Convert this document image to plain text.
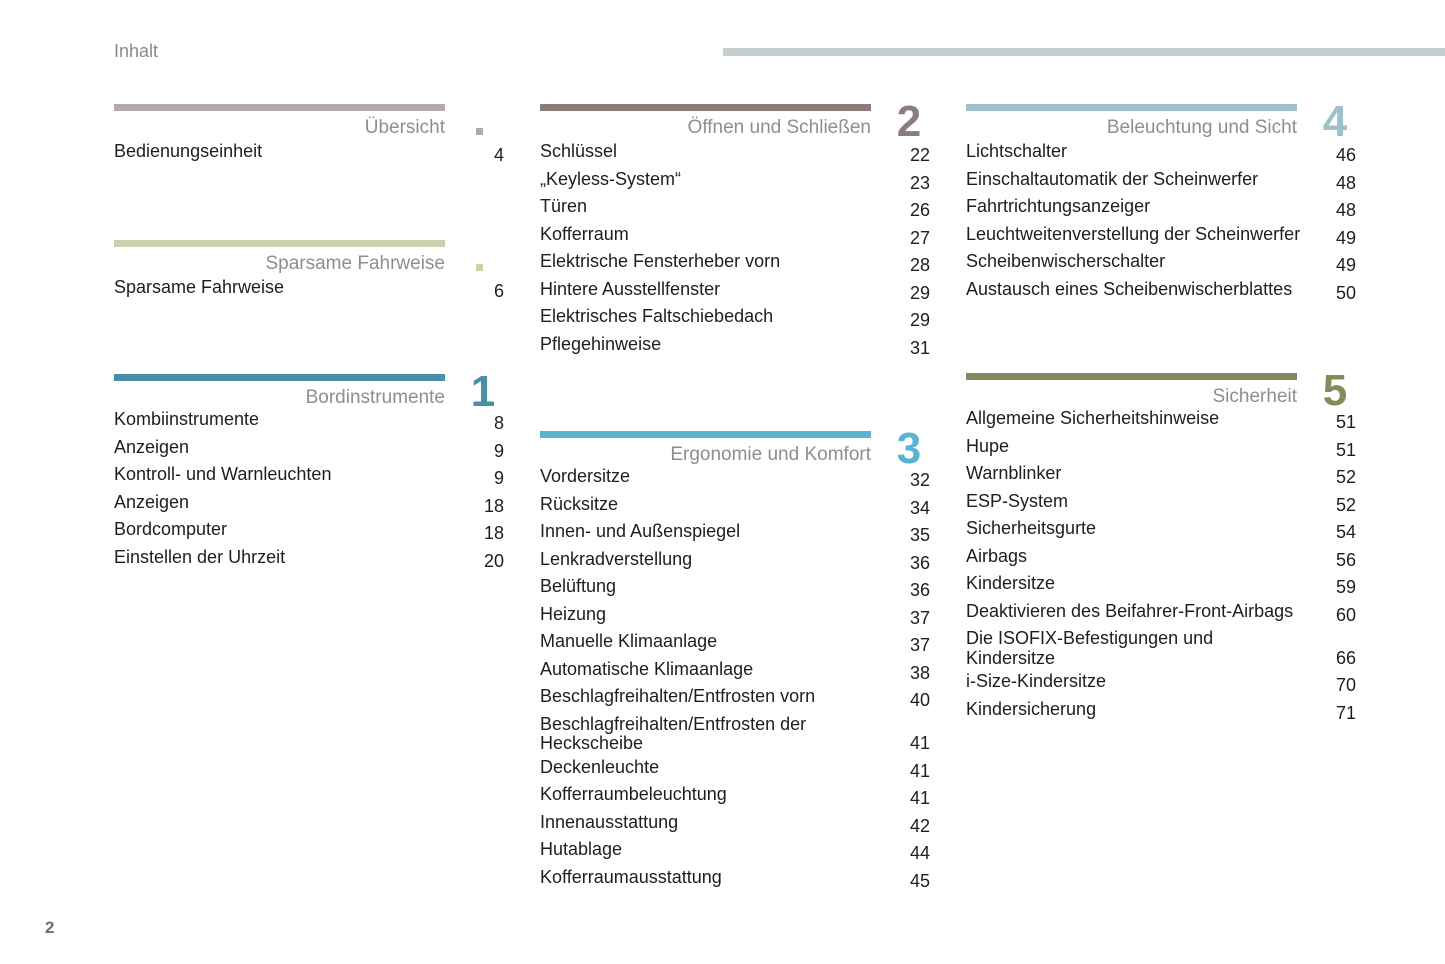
Inhalt
Übersicht
Bedienungseinheit	4
Sparsame Fahrweise
Sparsame Fahrweise	6
Bordinstrumente 1
Kombiinstrumente	8
Anzeigen	9
Kontroll- und Warnleuchten	9
Anzeigen	18
Bordcomputer	18
Einstellen der Uhrzeit	20
Öffnen und Schließen 2
Schlüssel	22
„Keyless-System“	23
Türen	26
Kofferraum	27
Elektrische Fensterheber vorn	28
Hintere Ausstellfenster	29
Elektrisches Faltschiebedach	29
Pflegehinweise	31
Ergonomie und Komfort 3
Vordersitze	32
Rücksitze	34
Innen- und Außenspiegel	35
Lenkradverstellung	36
Belüftung	36
Heizung	37
Manuelle Klimaanlage	37
Automatische Klimaanlage	38
Beschlagfreihalten/Entfrosten vorn	40
Beschlagfreihalten/Entfrosten der Heckscheibe	41
Deckenleuchte	41
Kofferraumbeleuchtung	41
Innenausstattung	42
Hutablage	44
Kofferraumausstattung	45
Beleuchtung und Sicht 4
Lichtschalter	46
Einschaltautomatik der Scheinwerfer	48
Fahrtrichtungsanzeiger	48
Leuchtweitenverstellung der Scheinwerfer	49
Scheibenwischerschalter	49
Austausch eines Scheibenwischerblattes	50
Sicherheit 5
Allgemeine Sicherheitshinweise	51
Hupe	51
Warnblinker	52
ESP-System	52
Sicherheitsgurte	54
Airbags	56
Kindersitze	59
Deaktivieren des Beifahrer-Front-Airbags	60
Die ISOFIX-Befestigungen und Kindersitze	66
i-Size-Kindersitze	70
Kindersicherung	71
2
